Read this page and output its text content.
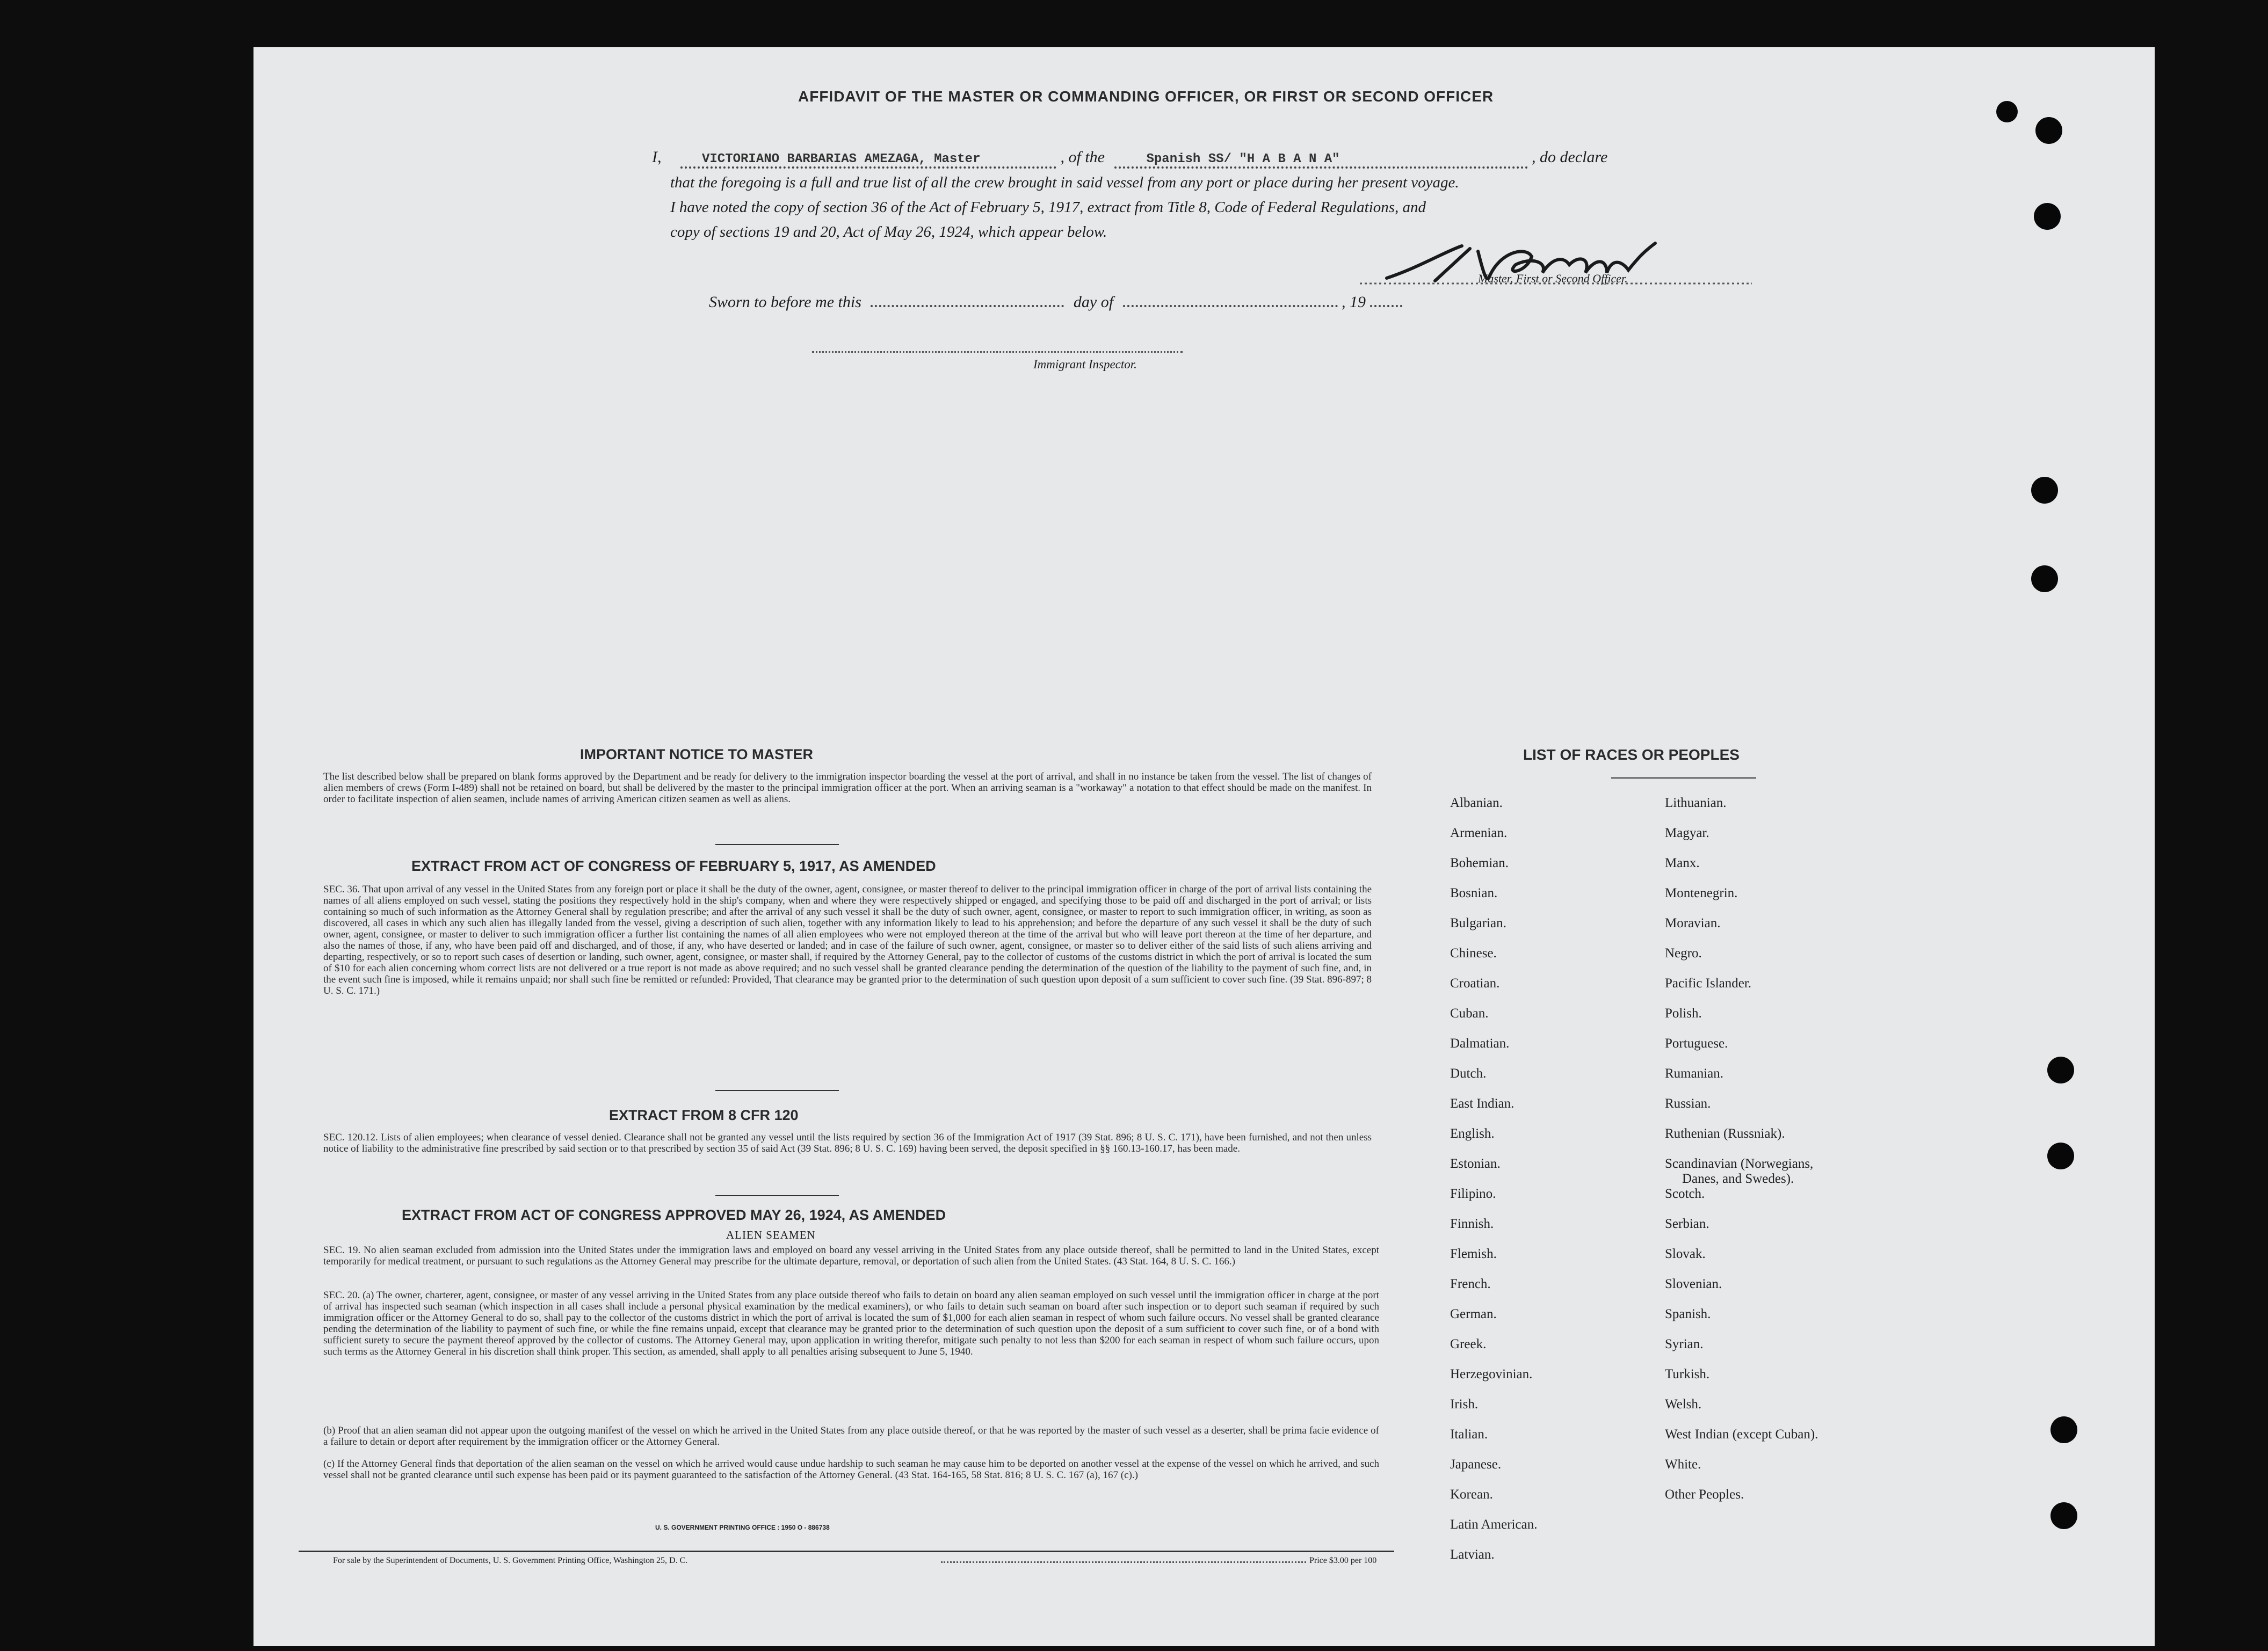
AFFIDAVIT OF THE MASTER OR COMMANDING OFFICER, OR FIRST OR SECOND OFFICER
I,	VICTORIANO BARBARIAS AMEZAGA, Master	, of the	Spanish SS/ "H A B A N A"	, do declare
that the foregoing is a full and true list of all the crew brought in said vessel from any port or place during her present voyage.
I have noted the copy of section 36 of the Act of February 5, 1917, extract from Title 8, Code of Federal Regulations, and
copy of sections 19 and 20, Act of May 26, 1924, which appear below.
Master, First or Second Officer.
Sworn to before me this	day of	, 19
Immigrant Inspector.
IMPORTANT NOTICE TO MASTER
The list described below shall be prepared on blank forms approved by the Department and be ready for delivery to the immigration inspector boarding the vessel at the port of arrival, and shall in no instance be taken from the vessel. The list of changes of alien members of crews (Form I-489) shall not be retained on board, but shall be delivered by the master to the principal immigration officer at the port. When an arriving seaman is a "workaway" a notation to that effect should be made on the manifest. In order to facilitate inspection of alien seamen, include names of arriving American citizen seamen as well as aliens.
EXTRACT FROM ACT OF CONGRESS OF FEBRUARY 5, 1917, AS AMENDED
SEC. 36. That upon arrival of any vessel in the United States from any foreign port or place it shall be the duty of the owner, agent, consignee, or master thereof to deliver to the principal immigration officer in charge of the port of arrival lists containing the names of all aliens employed on such vessel, stating the positions they respectively hold in the ship's company, when and where they were respectively shipped or engaged, and specifying those to be paid off and discharged in the port of arrival; or lists containing so much of such information as the Attorney General shall by regulation prescribe; and after the arrival of any such vessel it shall be the duty of such owner, agent, consignee, or master to report to such immigration officer, in writing, as soon as discovered, all cases in which any such alien has illegally landed from the vessel, giving a description of such alien, together with any information likely to lead to his apprehension; and before the departure of any such vessel it shall be the duty of such owner, agent, consignee, or master to deliver to such immigration officer a further list containing the names of all alien employees who were not employed thereon at the time of the arrival but who will leave port thereon at the time of her departure, and also the names of those, if any, who have been paid off and discharged, and of those, if any, who have deserted or landed; and in case of the failure of such owner, agent, consignee, or master so to deliver either of the said lists of such aliens arriving and departing, respectively, or so to report such cases of desertion or landing, such owner, agent, consignee, or master shall, if required by the Attorney General, pay to the collector of customs of the customs district in which the port of arrival is located the sum of $10 for each alien concerning whom correct lists are not delivered or a true report is not made as above required; and no such vessel shall be granted clearance pending the determination of the question of the liability to the payment of such fine, and, in the event such fine is imposed, while it remains unpaid; nor shall such fine be remitted or refunded: Provided, That clearance may be granted prior to the determination of such question upon deposit of a sum sufficient to cover such fine. (39 Stat. 896-897; 8 U. S. C. 171.)
EXTRACT FROM 8 CFR 120
SEC. 120.12. Lists of alien employees; when clearance of vessel denied. Clearance shall not be granted any vessel until the lists required by section 36 of the Immigration Act of 1917 (39 Stat. 896; 8 U. S. C. 171), have been furnished, and not then unless notice of liability to the administrative fine prescribed by said section or to that prescribed by section 35 of said Act (39 Stat. 896; 8 U. S. C. 169) having been served, the deposit specified in §§ 160.13-160.17, has been made.
EXTRACT FROM ACT OF CONGRESS APPROVED MAY 26, 1924, AS AMENDED
ALIEN SEAMEN
SEC. 19. No alien seaman excluded from admission into the United States under the immigration laws and employed on board any vessel arriving in the United States from any place outside thereof, shall be permitted to land in the United States, except temporarily for medical treatment, or pursuant to such regulations as the Attorney General may prescribe for the ultimate departure, removal, or deportation of such alien from the United States. (43 Stat. 164, 8 U. S. C. 166.)
SEC. 20. (a) The owner, charterer, agent, consignee, or master of any vessel arriving in the United States from any place outside thereof who fails to detain on board any alien seaman employed on such vessel until the immigration officer in charge at the port of arrival has inspected such seaman (which inspection in all cases shall include a personal physical examination by the medical examiners), or who fails to detain such seaman on board after such inspection or to deport such seaman if required by such immigration officer or the Attorney General to do so, shall pay to the collector of the customs district in which the port of arrival is located the sum of $1,000 for each alien seaman in respect of whom such failure occurs. No vessel shall be granted clearance pending the determination of the liability to payment of such fine, or while the fine remains unpaid, except that clearance may be granted prior to the determination of such question upon the deposit of a sum sufficient to cover such fine, or of a bond with sufficient surety to secure the payment thereof approved by the collector of customs. The Attorney General may, upon application in writing therefor, mitigate such penalty to not less than $200 for each seaman in respect of whom such failure occurs, upon such terms as the Attorney General in his discretion shall think proper. This section, as amended, shall apply to all penalties arising subsequent to June 5, 1940.
(b) Proof that an alien seaman did not appear upon the outgoing manifest of the vessel on which he arrived in the United States from any place outside thereof, or that he was reported by the master of such vessel as a deserter, shall be prima facie evidence of a failure to detain or deport after requirement by the immigration officer or the Attorney General.
(c) If the Attorney General finds that deportation of the alien seaman on the vessel on which he arrived would cause undue hardship to such seaman he may cause him to be deported on another vessel at the expense of the vessel on which he arrived, and such vessel shall not be granted clearance until such expense has been paid or its payment guaranteed to the satisfaction of the Attorney General. (43 Stat. 164-165, 58 Stat. 816; 8 U. S. C. 167 (a), 167 (c).)
U. S. GOVERNMENT PRINTING OFFICE : 1950 O - 886738
For sale by the Superintendent of Documents, U. S. Government Printing Office, Washington 25, D. C.	Price $3.00 per 100
LIST OF RACES OR PEOPLES
Albanian.
Armenian.
Bohemian.
Bosnian.
Bulgarian.
Chinese.
Croatian.
Cuban.
Dalmatian.
Dutch.
East Indian.
English.
Estonian.
Filipino.
Finnish.
Flemish.
French.
German.
Greek.
Herzegovinian.
Irish.
Italian.
Japanese.
Korean.
Latin American.
Latvian.
Lithuanian.
Magyar.
Manx.
Montenegrin.
Moravian.
Negro.
Pacific Islander.
Polish.
Portuguese.
Rumanian.
Russian.
Ruthenian (Russniak).
Scandinavian (Norwegians,
Danes, and Swedes).
Scotch.
Serbian.
Slovak.
Slovenian.
Spanish.
Syrian.
Turkish.
Welsh.
West Indian (except Cuban).
White.
Other Peoples.
